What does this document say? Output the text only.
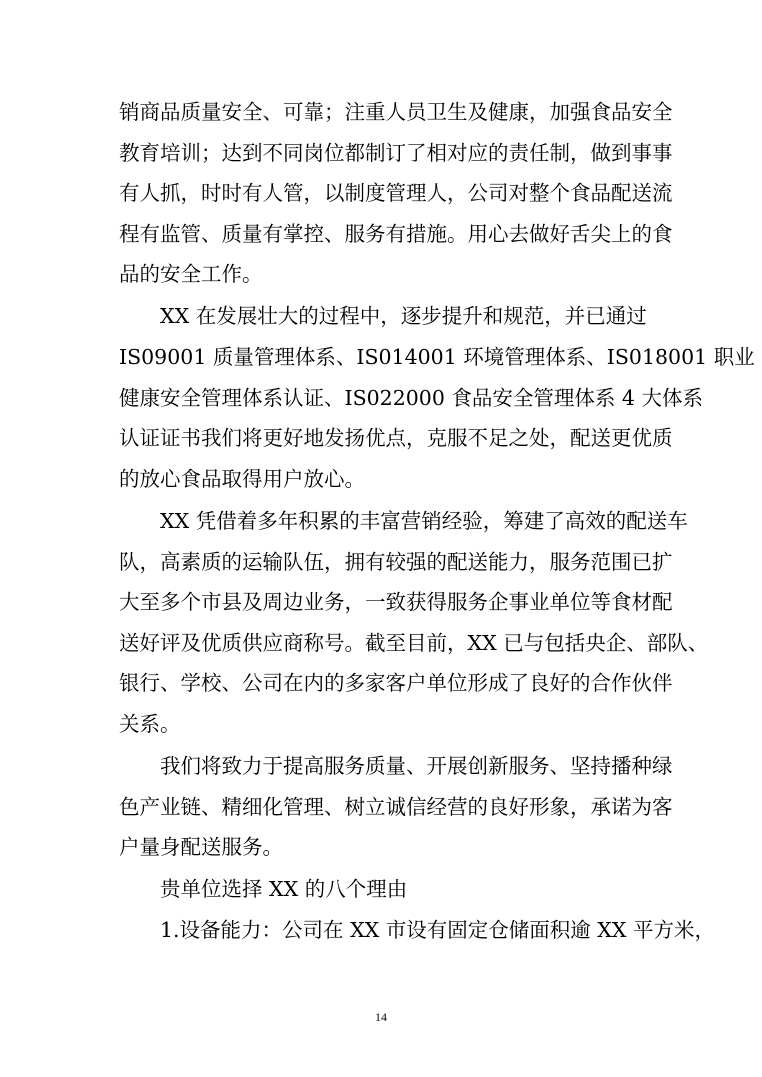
销商品质量安全、可靠；注重人员卫生及健康，加强食品安全
教育培训；达到不同岗位都制订了相对应的责任制，做到事事
有人抓，时时有人管，以制度管理人，公司对整个食品配送流
程有监管、质量有掌控、服务有措施。用心去做好舌尖上的食
品的安全工作。
XX 在发展壮大的过程中，逐步提升和规范，并已通过
IS09001 质量管理体系、IS014001 环境管理体系、IS018001 职业
健康安全管理体系认证、IS022000 食品安全管理体系 4 大体系
认证证书我们将更好地发扬优点，克服不足之处，配送更优质
的放心食品取得用户放心。
XX 凭借着多年积累的丰富营销经验，筹建了高效的配送车
队，高素质的运输队伍，拥有较强的配送能力，服务范围已扩
大至多个市县及周边业务，一致获得服务企事业单位等食材配
送好评及优质供应商称号。截至目前，XX 已与包括央企、部队、
银行、学校、公司在内的多家客户单位形成了良好的合作伙伴
关系。
我们将致力于提高服务质量、开展创新服务、坚持播种绿
色产业链、精细化管理、树立诚信经营的良好形象，承诺为客
户量身配送服务。
贵单位选择 XX 的八个理由
1.设备能力：公司在 XX 市设有固定仓储面积逾 XX 平方米，
14
